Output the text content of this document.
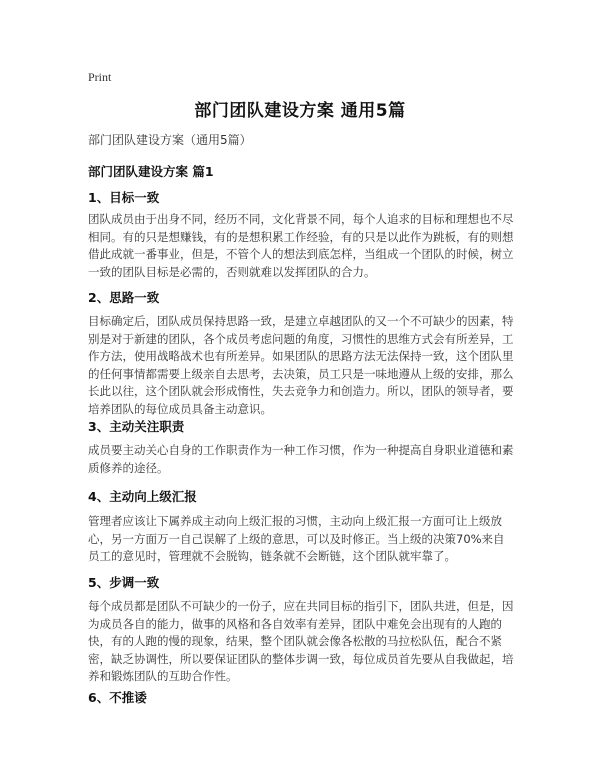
Print
部门团队建设方案 通用5篇
部门团队建设方案（通用5篇）
部门团队建设方案 篇1
1、目标一致

团队成员由于出身不同，经历不同，文化背景不同，每个人追求的目标和理想也不尽相同。有的只是想赚钱，有的是想积累工作经验，有的只是以此作为跳板，有的则想借此成就一番事业，但是，不管个人的想法到底怎样，当组成一个团队的时候，树立一致的团队目标是必需的，否则就难以发挥团队的合力。

2、思路一致

目标确定后，团队成员保持思路一致，是建立卓越团队的又一个不可缺少的因素，特别是对于新建的团队，各个成员考虑问题的角度，习惯性的思维方式会有所差异，工作方法，使用战略战术也有所差异。如果团队的思路方法无法保持一致，这个团队里的任何事情都需要上级亲自去思考，去决策，员工只是一味地遵从上级的安排，那么长此以往，这个团队就会形成惰性，失去竞争力和创造力。所以，团队的领导者，要培养团队的每位成员具备主动意识。

3、主动关注职责

成员要主动关心自身的工作职责作为一种工作习惯，作为一种提高自身职业道德和素质修养的途径。

4、主动向上级汇报

管理者应该让下属养成主动向上级汇报的习惯，主动向上级汇报一方面可让上级放心，另一方面万一自己误解了上级的意思，可以及时修正。当上级的决策70%来自员工的意见时，管理就不会脱钩，链条就不会断链，这个团队就牢靠了。

5、步调一致

每个成员都是团队不可缺少的一份子，应在共同目标的指引下，团队共进，但是，因为成员各自的能力，做事的风格和各自效率有差异，团队中难免会出现有的人跑的快，有的人跑的慢的现象，结果，整个团队就会像各松散的马拉松队伍，配合不紧密，缺乏协调性，所以要保证团队的整体步调一致，每位成员首先要从自我做起，培养和锻炼团队的互助合作性。

6、不推诿
